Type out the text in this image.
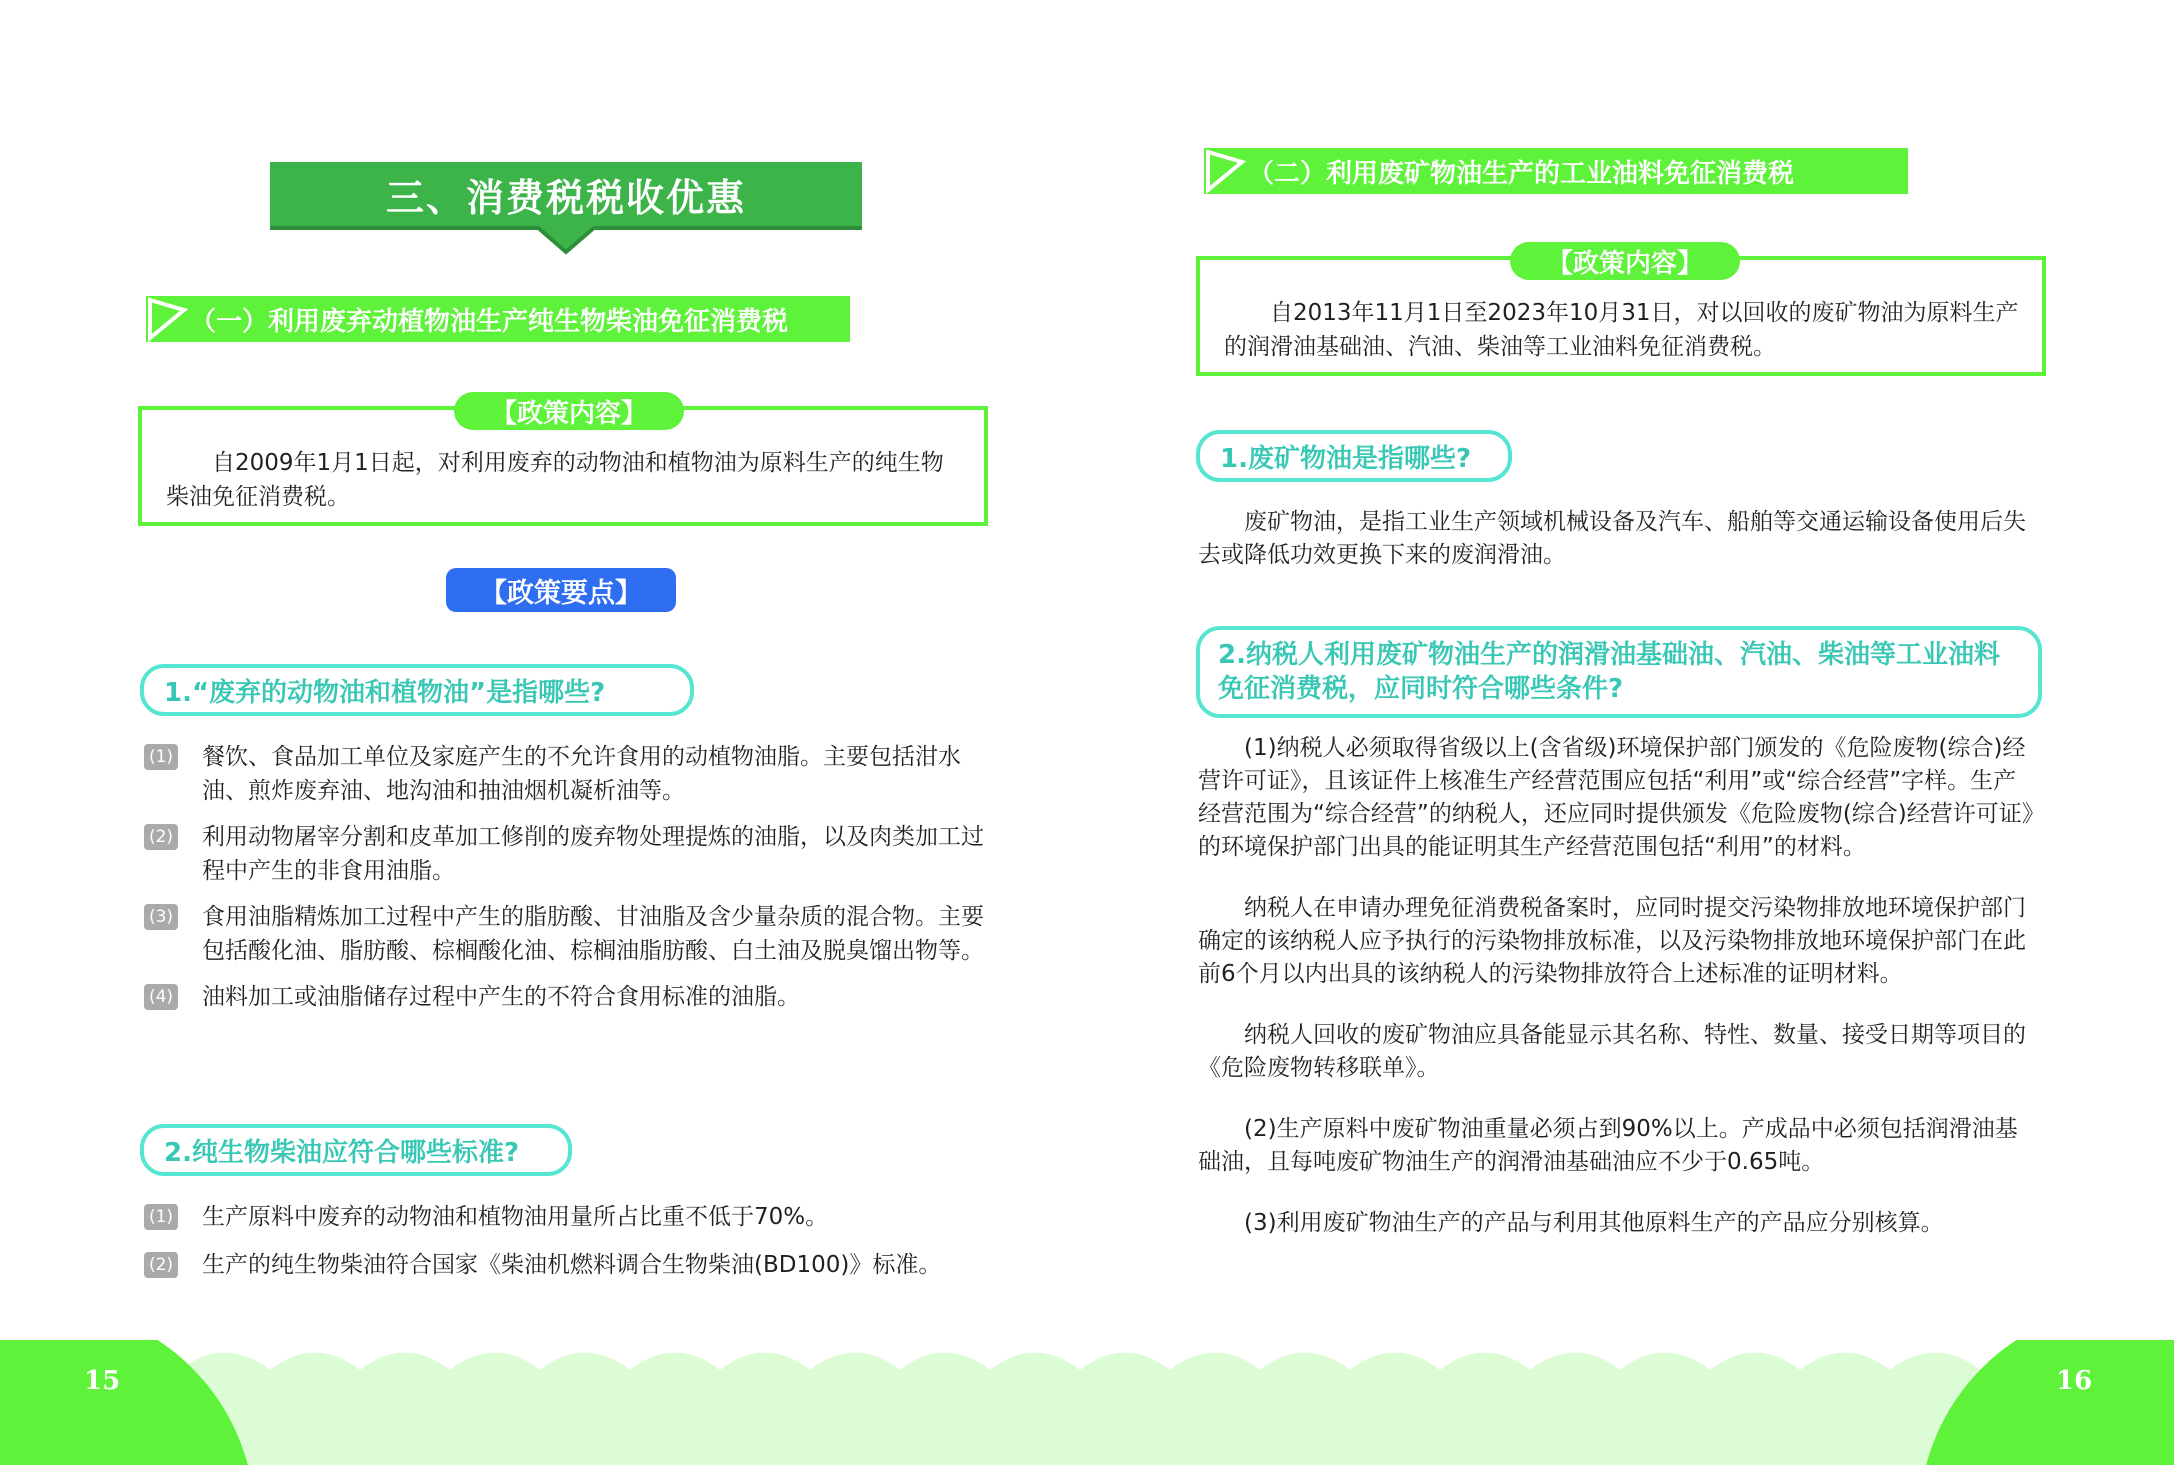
三、消费税税收优惠
（一）利用废弃动植物油生产纯生物柴油免征消费税
自2009年1月1日起，对利用废弃的动物油和植物油为原料生产的纯生物柴油免征消费税。
【政策内容】
【政策要点】
1.“废弃的动物油和植物油”是指哪些?
(1) 餐饮、食品加工单位及家庭产生的不允许食用的动植物油脂。主要包括泔水油、煎炸废弃油、地沟油和抽油烟机凝析油等。
(2) 利用动物屠宰分割和皮革加工修削的废弃物处理提炼的油脂，以及肉类加工过程中产生的非食用油脂。
(3) 食用油脂精炼加工过程中产生的脂肪酸、甘油脂及含少量杂质的混合物。主要包括酸化油、脂肪酸、棕榈酸化油、棕榈油脂肪酸、白土油及脱臭馏出物等。
(4) 油料加工或油脂储存过程中产生的不符合食用标准的油脂。
2.纯生物柴油应符合哪些标准?
(1) 生产原料中废弃的动物油和植物油用量所占比重不低于70%。
(2) 生产的纯生物柴油符合国家《柴油机燃料调合生物柴油(BD100)》标准。
（二）利用废矿物油生产的工业油料免征消费税
自2013年11月1日至2023年10月31日，对以回收的废矿物油为原料生产的润滑油基础油、汽油、柴油等工业油料免征消费税。
【政策内容】
1.废矿物油是指哪些?
废矿物油，是指工业生产领域机械设备及汽车、船舶等交通运输设备使用后失去或降低功效更换下来的废润滑油。
2.纳税人利用废矿物油生产的润滑油基础油、汽油、柴油等工业油料免征消费税，应同时符合哪些条件?
(1)纳税人必须取得省级以上(含省级)环境保护部门颁发的《危险废物(综合)经营许可证》，且该证件上核准生产经营范围应包括“利用”或“综合经营”字样。生产经营范围为“综合经营”的纳税人，还应同时提供颁发《危险废物(综合)经营许可证》的环境保护部门出具的能证明其生产经营范围包括“利用”的材料。
纳税人在申请办理免征消费税备案时，应同时提交污染物排放地环境保护部门确定的该纳税人应予执行的污染物排放标准，以及污染物排放地环境保护部门在此前6个月以内出具的该纳税人的污染物排放符合上述标准的证明材料。
纳税人回收的废矿物油应具备能显示其名称、特性、数量、接受日期等项目的《危险废物转移联单》。
(2)生产原料中废矿物油重量必须占到90%以上。产成品中必须包括润滑油基础油，且每吨废矿物油生产的润滑油基础油应不少于0.65吨。
(3)利用废矿物油生产的产品与利用其他原料生产的产品应分别核算。
15	16
